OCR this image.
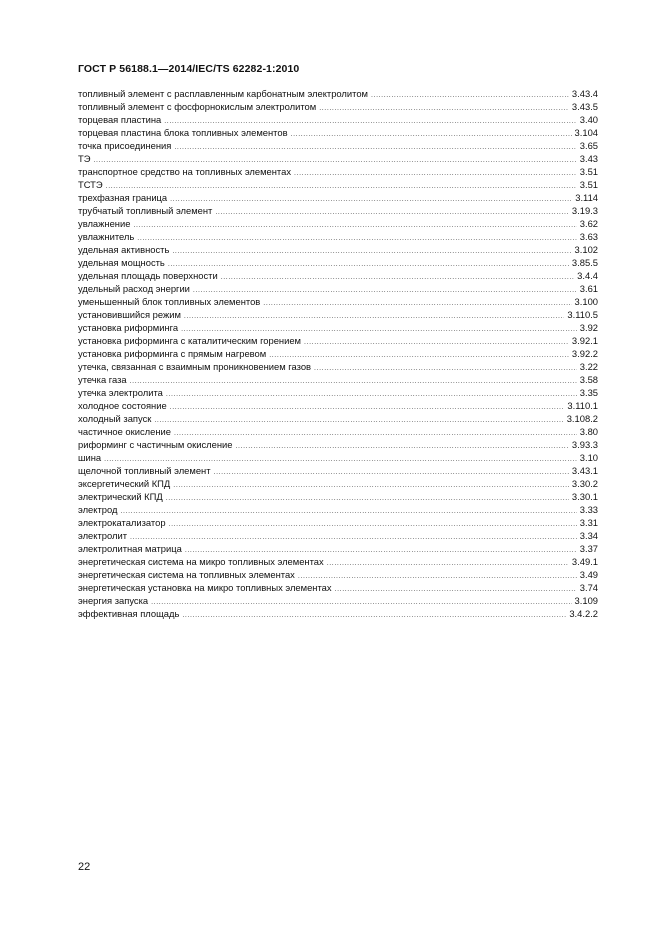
ГОСТ Р 56188.1—2014/IEC/TS 62282-1:2010
топливный элемент с расплавленным карбонатным электролитом .....	3.43.4
топливный элемент с фосфорнокислым электролитом .....	3.43.5
торцевая пластина .....	3.40
торцевая пластина блока топливных элементов .....	3.104
точка присоединения .....	3.65
ТЭ .....	3.43
транспортное средство на топливных элементах .....	3.51
ТСТЭ .....	3.51
трехфазная граница .....	3.114
трубчатый топливный элемент .....	3.19.3
увлажнение .....	3.62
увлажнитель .....	3.63
удельная активность .....	3.102
удельная мощность .....	3.85.5
удельная площадь поверхности .....	3.4.4
удельный расход энергии .....	3.61
уменьшенный блок топливных элементов .....	3.100
установившийся режим .....	3.110.5
установка риформинга .....	3.92
установка риформинга с каталитическим горением .....	3.92.1
установка риформинга с прямым нагревом .....	3.92.2
утечка, связанная с взаимным проникновением газов .....	3.22
утечка газа .....	3.58
утечка электролита .....	3.35
холодное состояние .....	3.110.1
холодный запуск .....	3.108.2
частичное окисление .....	3.80
риформинг с частичным окисление .....	3.93.3
шина .....	3.10
щелочной топливный элемент .....	3.43.1
эксергетический КПД .....	3.30.2
электрический КПД .....	3.30.1
электрод .....	3.33
электрокатализатор .....	3.31
электролит .....	3.34
электролитная матрица .....	3.37
энергетическая система на микро топливных элементах .....	3.49.1
энергетическая система на топливных элементах .....	3.49
энергетическая установка на микро топливных элементах .....	3.74
энергия запуска .....	3.109
эффективная площадь .....	3.4.2.2
22
